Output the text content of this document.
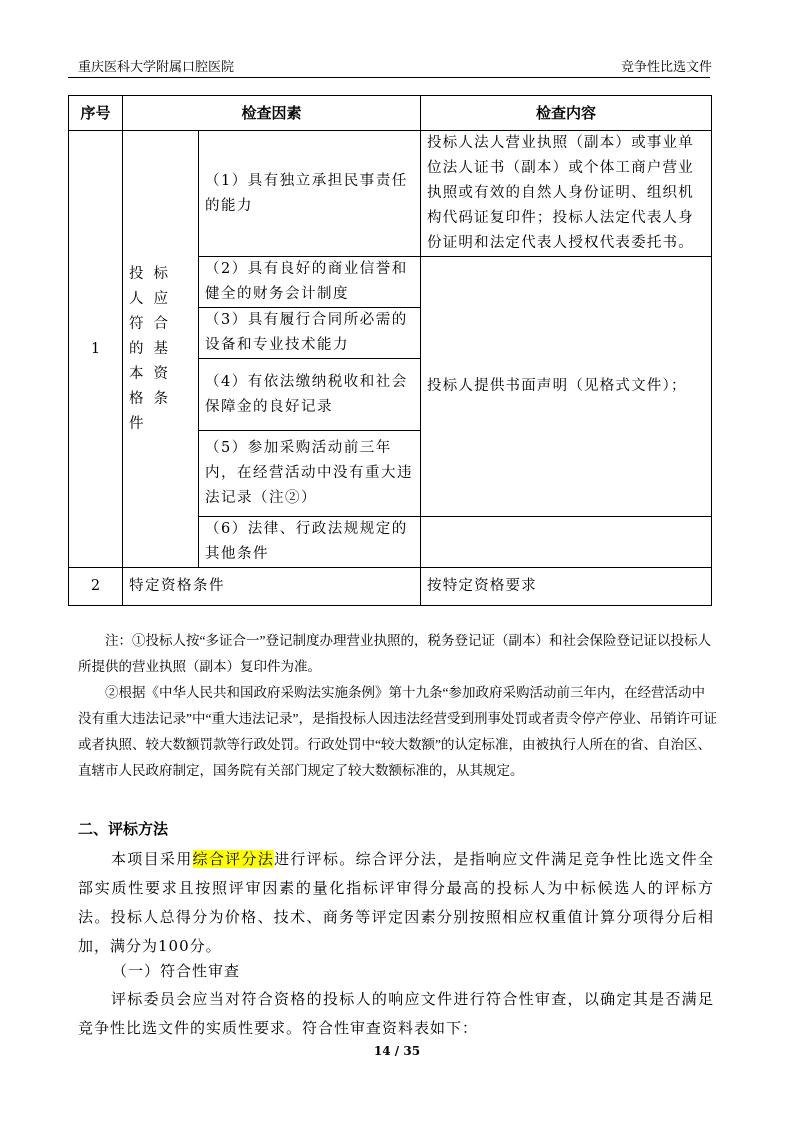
重庆医科大学附属口腔医院	竞争性比选文件
序号	检查因素		检查内容
1	投标人应符合的基本资格条件	（1）具有独立承担民事责任的能力	投标人法人营业执照（副本）或事业单位法人证书（副本）或个体工商户营业执照或有效的自然人身份证明、组织机构代码证复印件；投标人法定代表人身份证明和法定代表人授权代表委托书。
		（2）具有良好的商业信誉和健全的财务会计制度	投标人提供书面声明（见格式文件）；
		（3）具有履行合同所必需的设备和专业技术能力	
		（4）有依法缴纳税收和社会保障金的良好记录	
		（5）参加采购活动前三年内，在经营活动中没有重大违法记录（注②）	
		（6）法律、行政法规规定的其他条件	
2	特定资格条件		按特定资格要求

注：①投标人按“多证合一”登记制度办理营业执照的，税务登记证（副本）和社会保险登记证以投标人所提供的营业执照（副本）复印件为准。

②根据《中华人民共和国政府采购法实施条例》第十九条“参加政府采购活动前三年内，在经营活动中没有重大违法记录”中“重大违法记录”，是指投标人因违法经营受到刑事处罚或者责令停产停业、吊销许可证或者执照、较大数额罚款等行政处罚。行政处罚中“较大数额”的认定标准，由被执行人所在的省、自治区、直辖市人民政府制定，国务院有关部门规定了较大数额标准的，从其规定。

二、评标方法

本项目采用综合评分法进行评标。综合评分法，是指响应文件满足竞争性比选文件全部实质性要求且按照评审因素的量化指标评审得分最高的投标人为中标候选人的评标方法。投标人总得分为价格、技术、商务等评定因素分别按照相应权重值计算分项得分后相加，满分为100分。

（一）符合性审查
评标委员会应当对符合资格的投标人的响应文件进行符合性审查，以确定其是否满足竞争性比选文件的实质性要求。符合性审查资料表如下：
14 / 35
